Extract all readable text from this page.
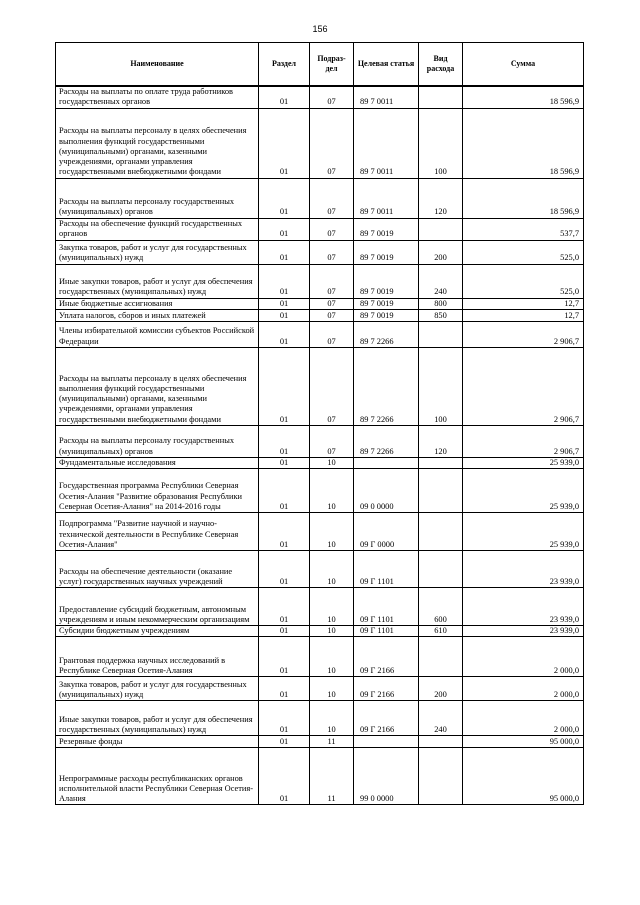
156
Наименование	Раздел	Подраз-дел	Целевая статья	Вид расхода	Сумма
Расходы на выплаты по оплате труда работников государственных органов	01	07	89 7 0011		18 596,9
Расходы на выплаты персоналу в целях обеспечения выполнения функций государственными (муниципальными) органами, казенными учреждениями, органами управления государственными внебюджетными фондами	01	07	89 7 0011	100	18 596,9
Расходы на выплаты персоналу государственных (муниципальных) органов	01	07	89 7 0011	120	18 596,9
Расходы на обеспечение функций государственных органов	01	07	89 7 0019		537,7
Закупка товаров, работ и услуг для государственных (муниципальных) нужд	01	07	89 7 0019	200	525,0
Иные закупки товаров, работ и услуг для обеспечения государственных (муниципальных) нужд	01	07	89 7 0019	240	525,0
Иные бюджетные ассигнования	01	07	89 7 0019	800	12,7
Уплата налогов, сборов и иных платежей	01	07	89 7 0019	850	12,7
Члены избирательной комиссии субъектов Российской Федерации	01	07	89 7 2266		2 906,7
Расходы на выплаты персоналу в целях обеспечения выполнения функций государственными (муниципальными) органами, казенными учреждениями, органами управления государственными внебюджетными фондами	01	07	89 7 2266	100	2 906,7
Расходы на выплаты персоналу государственных (муниципальных) органов	01	07	89 7 2266	120	2 906,7
Фундаментальные исследования	01	10			25 939,0
Государственная программа Республики Северная Осетия-Алания "Развитие образования Республики Северная Осетия-Алания" на 2014-2016 годы	01	10	09 0 0000		25 939,0
Подпрограмма "Развитие научной и научно-технической деятельности в Республике Северная Осетия-Алания"	01	10	09 Г 0000		25 939,0
Расходы на обеспечение деятельности (оказание услуг) государственных научных учреждений	01	10	09 Г 1101		23 939,0
Предоставление субсидий бюджетным, автономным учреждениям и иным некоммерческим организациям	01	10	09 Г 1101	600	23 939,0
Субсидии бюджетным учреждениям	01	10	09 Г 1101	610	23 939,0
Грантовая поддержка научных исследований в Республике Северная Осетия-Алания	01	10	09 Г 2166		2 000,0
Закупка товаров, работ и услуг для государственных (муниципальных) нужд	01	10	09 Г 2166	200	2 000,0
Иные закупки товаров, работ и услуг для обеспечения государственных (муниципальных) нужд	01	10	09 Г 2166	240	2 000,0
Резервные фонды	01	11			95 000,0
Непрограммные расходы республиканских органов исполнительной власти Республики Северная Осетия-Алания	01	11	99 0 0000		95 000,0
